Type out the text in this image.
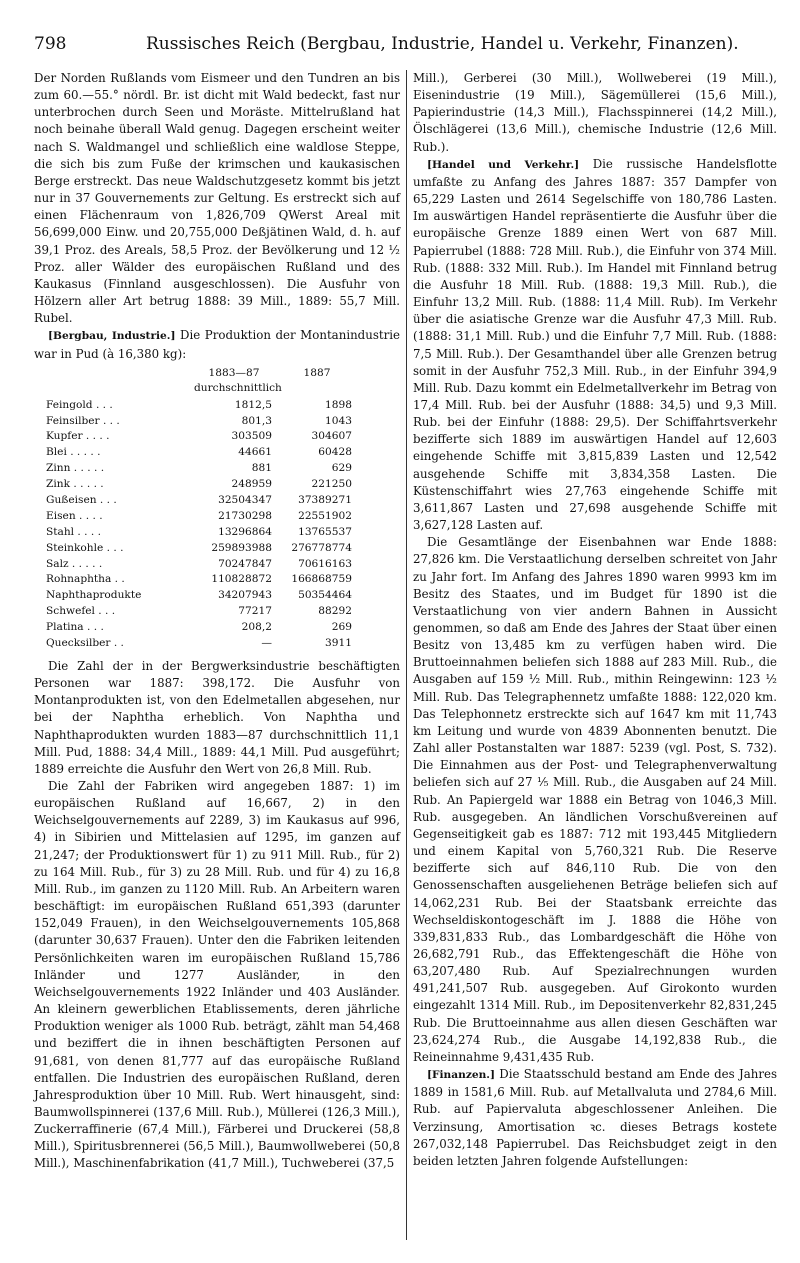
798	Russisches Reich (Bergbau, Industrie, Handel u. Verkehr, Finanzen).

Der Norden Rußlands vom Eismeer und den Tundren an bis zum 60.—55.° nördl. Br. ist dicht mit Wald bedeckt, fast nur unterbrochen durch Seen und Moräste. Mittelrußland hat noch beinahe überall Wald genug. Dagegen erscheint weiter nach S. Waldmangel und schließlich eine waldlose Steppe, die sich bis zum Fuße der krimschen und kaukasischen Berge erstreckt. Das neue Waldschutzgesetz kommt bis jetzt nur in 37 Gouvernements zur Geltung. Es erstreckt sich auf einen Flächenraum von 1,826,709 QWerst Areal mit 56,699,000 Einw. und 20,755,000 Deßjätinen Wald, d. h. auf 39,1 Proz. des Areals, 58,5 Proz. der Bevölkerung und 12 ½ Proz. aller Wälder des europäischen Rußland und des Kaukasus (Finnland ausgeschlossen). Die Ausfuhr von Hölzern aller Art betrug 1888: 39 Mill., 1889: 55,7 Mill. Rubel.

[Bergbau, Industrie.] Die Produktion der Montanindustrie war in Pud (à 16,380 kg):

1883—87 durchschnittlich
1887
Feingold . . .	1812,5	1898
Feinsilber . . .	801,3	1043
Kupfer . . . .	303509	304607
Blei . . . . .	44661	60428
Zinn . . . . .	881	629
Zink . . . . .	248959	221250
Gußeisen . . .	32504347	37389271
Eisen . . . .	21730298	22551902
Stahl . . . .	13296864	13765537
Steinkohle . . .	259893988	276778774
Salz . . . . .	70247847	70616163
Rohnaphtha . .	110828872	166868759
Naphthaprodukte	34207943	50354464
Schwefel . . .	77217	88292
Platina . . .	208,2	269
Quecksilber . .	—	3911

Die Zahl der in der Bergwerksindustrie beschäftigten Personen war 1887: 398,172. Die Ausfuhr von Montanprodukten ist, von den Edelmetallen abgesehen, nur bei der Naphtha erheblich. Von Naphtha und Naphthaprodukten wurden 1883—87 durchschnittlich 11,1 Mill. Pud, 1888: 34,4 Mill., 1889: 44,1 Mill. Pud ausgeführt; 1889 erreichte die Ausfuhr den Wert von 26,8 Mill. Rub.

Die Zahl der Fabriken wird angegeben 1887: 1) im europäischen Rußland auf 16,667, 2) in den Weichselgouvernements auf 2289, 3) im Kaukasus auf 996, 4) in Sibirien und Mittelasien auf 1295, im ganzen auf 21,247; der Produktionswert für 1) zu 911 Mill. Rub., für 2) zu 164 Mill. Rub., für 3) zu 28 Mill. Rub. und für 4) zu 16,8 Mill. Rub., im ganzen zu 1120 Mill. Rub. An Arbeitern waren beschäftigt: im europäischen Rußland 651,393 (darunter 152,049 Frauen), in den Weichselgouvernements 105,868 (darunter 30,637 Frauen). Unter den die Fabriken leitenden Persönlichkeiten waren im europäischen Rußland 15,786 Inländer und 1277 Ausländer, in den Weichselgouvernements 1922 Inländer und 403 Ausländer. An kleinern gewerblichen Etablissements, deren jährliche Produktion weniger als 1000 Rub. beträgt, zählt man 54,468 und beziffert die in ihnen beschäftigten Personen auf 91,681, von denen 81,777 auf das europäische Rußland entfallen. Die Industrien des europäischen Rußland, deren Jahresproduktion über 10 Mill. Rub. Wert hinausgeht, sind: Baumwollspinnerei (137,6 Mill. Rub.), Müllerei (126,3 Mill.), Zuckerraffinerie (67,4 Mill.), Färberei und Druckerei (58,8 Mill.), Spiritusbrennerei (56,5 Mill.), Baumwollweberei (50,8 Mill.), Maschinenfabrikation (41,7 Mill.), Tuchweberei (37,5

Mill.), Gerberei (30 Mill.), Wollweberei (19 Mill.), Eisenindustrie (19 Mill.), Sägemüllerei (15,6 Mill.), Papierindustrie (14,3 Mill.), Flachsspinnerei (14,2 Mill.), Ölschlägerei (13,6 Mill.), chemische Industrie (12,6 Mill. Rub.).

[Handel und Verkehr.] Die russische Handelsflotte umfaßte zu Anfang des Jahres 1887: 357 Dampfer von 65,229 Lasten und 2614 Segelschiffe von 180,786 Lasten. Im auswärtigen Handel repräsentierte die Ausfuhr über die europäische Grenze 1889 einen Wert von 687 Mill. Papierrubel (1888: 728 Mill. Rub.), die Einfuhr von 374 Mill. Rub. (1888: 332 Mill. Rub.). Im Handel mit Finnland betrug die Ausfuhr 18 Mill. Rub. (1888: 19,3 Mill. Rub.), die Einfuhr 13,2 Mill. Rub. (1888: 11,4 Mill. Rub). Im Verkehr über die asiatische Grenze war die Ausfuhr 47,3 Mill. Rub. (1888: 31,1 Mill. Rub.) und die Einfuhr 7,7 Mill. Rub. (1888: 7,5 Mill. Rub.). Der Gesamthandel über alle Grenzen betrug somit in der Ausfuhr 752,3 Mill. Rub., in der Einfuhr 394,9 Mill. Rub. Dazu kommt ein Edelmetallverkehr im Betrag von 17,4 Mill. Rub. bei der Ausfuhr (1888: 34,5) und 9,3 Mill. Rub. bei der Einfuhr (1888: 29,5). Der Schiffahrtsverkehr bezifferte sich 1889 im auswärtigen Handel auf 12,603 eingehende Schiffe mit 3,815,839 Lasten und 12,542 ausgehende Schiffe mit 3,834,358 Lasten. Die Küstenschiffahrt wies 27,763 eingehende Schiffe mit 3,611,867 Lasten und 27,698 ausgehende Schiffe mit 3,627,128 Lasten auf.

Die Gesamtlänge der Eisenbahnen war Ende 1888: 27,826 km. Die Verstaatlichung derselben schreitet von Jahr zu Jahr fort. Im Anfang des Jahres 1890 waren 9993 km im Besitz des Staates, und im Budget für 1890 ist die Verstaatlichung von vier andern Bahnen in Aussicht genommen, so daß am Ende des Jahres der Staat über einen Besitz von 13,485 km zu verfügen haben wird. Die Bruttoeinnahmen beliefen sich 1888 auf 283 Mill. Rub., die Ausgaben auf 159 ½ Mill. Rub., mithin Reingewinn: 123 ½ Mill. Rub. Das Telegraphennetz umfaßte 1888: 122,020 km. Das Telephonnetz erstreckte sich auf 1647 km mit 11,743 km Leitung und wurde von 4839 Abonnenten benutzt. Die Zahl aller Postanstalten war 1887: 5239 (vgl. Post, S. 732). Die Einnahmen aus der Post- und Telegraphenverwaltung beliefen sich auf 27 ⅕ Mill. Rub., die Ausgaben auf 24 Mill. Rub. An Papiergeld war 1888 ein Betrag von 1046,3 Mill. Rub. ausgegeben. An ländlichen Vorschußvereinen auf Gegenseitigkeit gab es 1887: 712 mit 193,445 Mitgliedern und einem Kapital von 5,760,321 Rub. Die Reserve bezifferte sich auf 846,110 Rub. Die von den Genossenschaften ausgeliehenen Beträge beliefen sich auf 14,062,231 Rub. Bei der Staatsbank erreichte das Wechseldiskontogeschäft im J. 1888 die Höhe von 339,831,833 Rub., das Lombardgeschäft die Höhe von 26,682,791 Rub., das Effektengeschäft die Höhe von 63,207,480 Rub. Auf Spezialrechnungen wurden 491,241,507 Rub. ausgegeben. Auf Girokonto wurden eingezahlt 1314 Mill. Rub., im Depositenverkehr 82,831,245 Rub. Die Bruttoeinnahme aus allen diesen Geschäften war 23,624,274 Rub., die Ausgabe 14,192,838 Rub., die Reineinnahme 9,431,435 Rub.

[Finanzen.] Die Staatsschuld bestand am Ende des Jahres 1889 in 1581,6 Mill. Rub. auf Metallvaluta und 2784,6 Mill. Rub. auf Papiervaluta abgeschlossener Anleihen. Die Verzinsung, Amortisation ꝛc. dieses Betrags kostete 267,032,148 Papierrubel. Das Reichsbudget zeigt in den beiden letzten Jahren folgende Aufstellungen:
